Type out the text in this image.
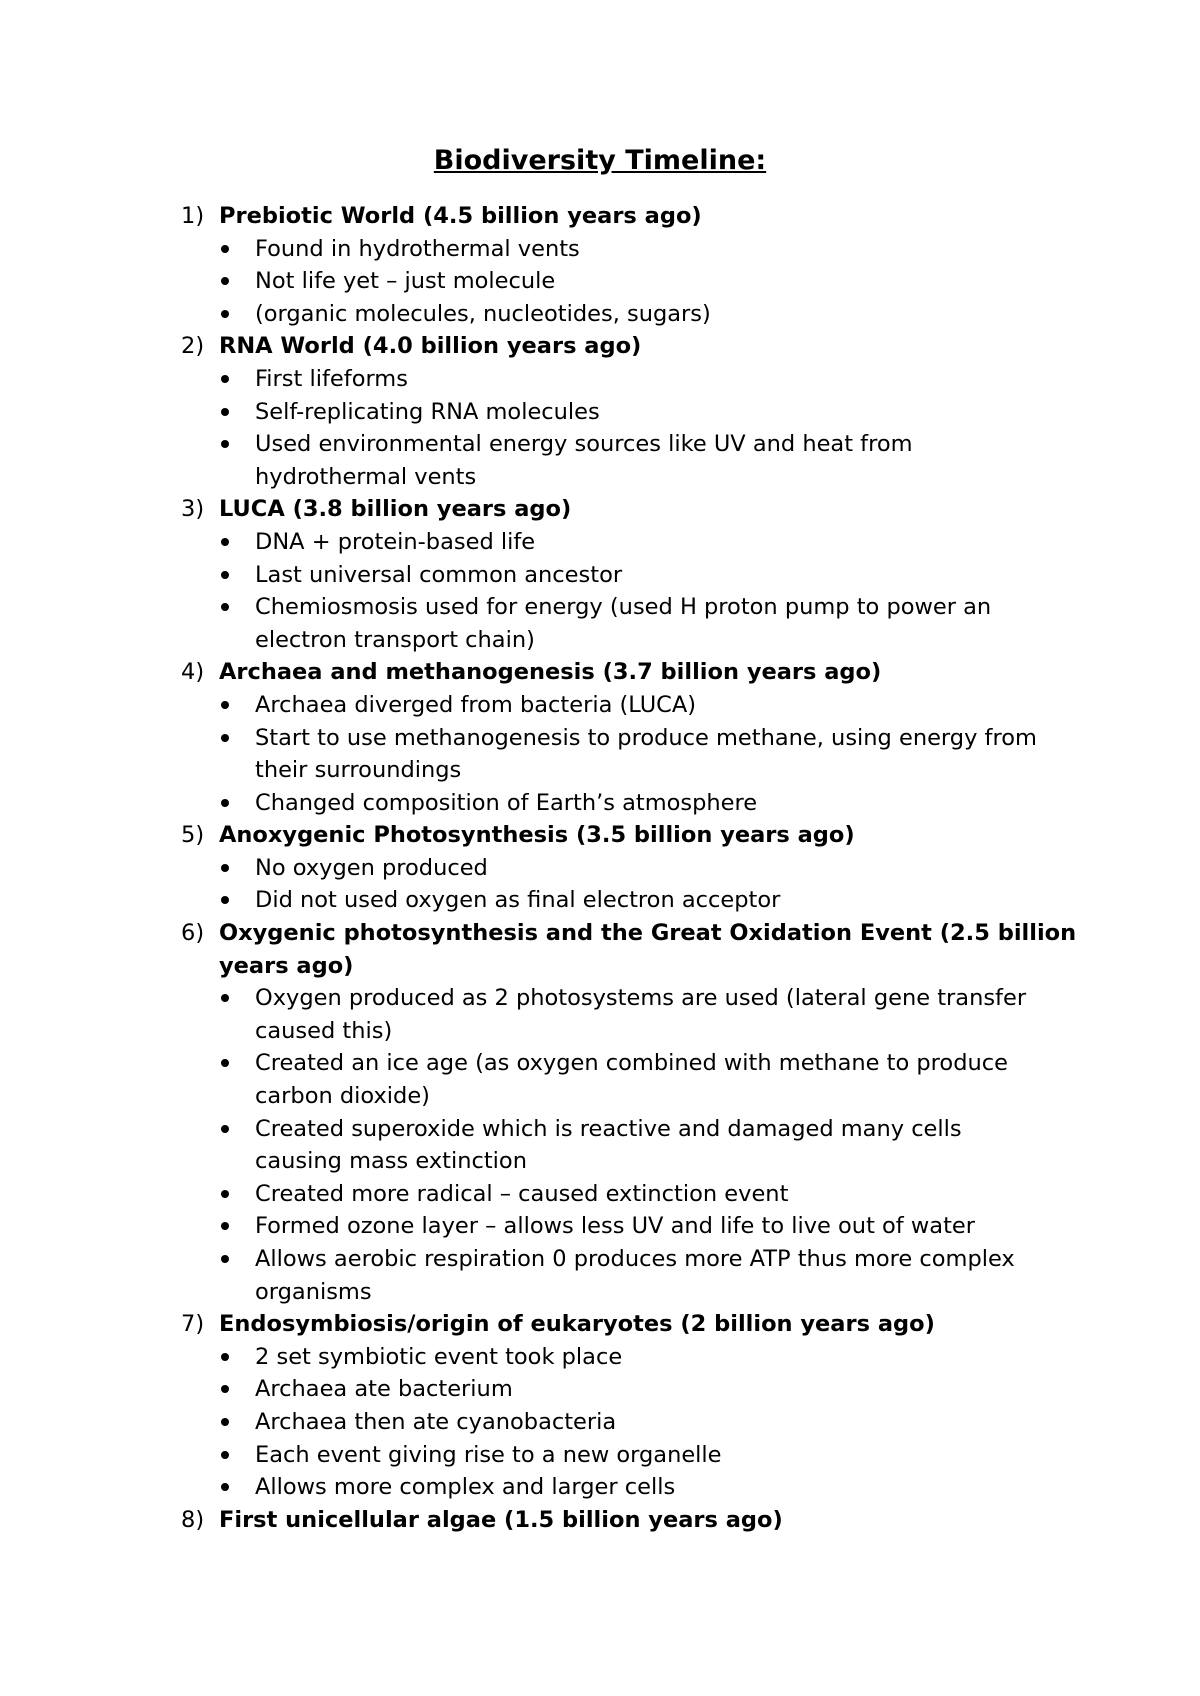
Biodiversity Timeline:
1) Prebiotic World (4.5 billion years ago)
Found in hydrothermal vents
Not life yet – just molecule
(organic molecules, nucleotides, sugars)
2) RNA World (4.0 billion years ago)
First lifeforms
Self-replicating RNA molecules
Used environmental energy sources like UV and heat from hydrothermal vents
3) LUCA (3.8 billion years ago)
DNA + protein-based life
Last universal common ancestor
Chemiosmosis used for energy (used H proton pump to power an electron transport chain)
4) Archaea and methanogenesis (3.7 billion years ago)
Archaea diverged from bacteria (LUCA)
Start to use methanogenesis to produce methane, using energy from their surroundings
Changed composition of Earth’s atmosphere
5) Anoxygenic Photosynthesis (3.5 billion years ago)
No oxygen produced
Did not used oxygen as final electron acceptor
6) Oxygenic photosynthesis and the Great Oxidation Event (2.5 billion years ago)
Oxygen produced as 2 photosystems are used (lateral gene transfer caused this)
Created an ice age (as oxygen combined with methane to produce carbon dioxide)
Created superoxide which is reactive and damaged many cells causing mass extinction
Created more radical – caused extinction event
Formed ozone layer – allows less UV and life to live out of water
Allows aerobic respiration 0 produces more ATP thus more complex organisms
7) Endosymbiosis/origin of eukaryotes (2 billion years ago)
2 set symbiotic event took place
Archaea ate bacterium
Archaea then ate cyanobacteria
Each event giving rise to a new organelle
Allows more complex and larger cells
8) First unicellular algae (1.5 billion years ago)
